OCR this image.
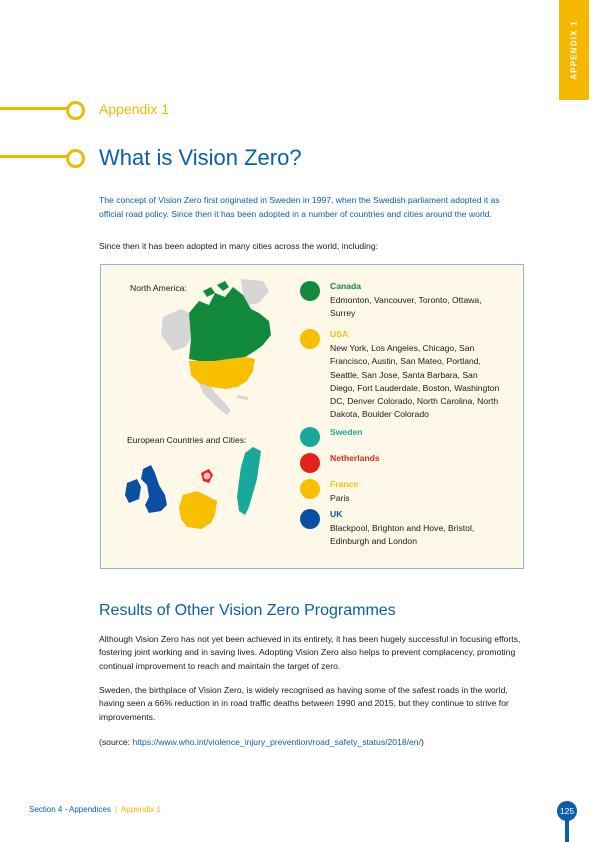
APPENDIX 1
Appendix 1
What is Vision Zero?
The concept of Vision Zero first originated in Sweden in 1997, when the Swedish parliament adopted it as official road policy. Since then it has been adopted in a number of countries and cities around the world.
Since then it has been adopted in many cities across the world, including:
North America:
European Countries and Cities:
Canada
Edmonton, Vancouver, Toronto, Ottawa, Surrey
USA
New York, Los Angeles, Chicago, San Francisco, Austin, San Mateo, Portland, Seattle, San Jose, Santa Barbara, San Diego, Fort Lauderdale, Boston, Washington DC, Denver Colorado, North Carolina, North Dakota, Boulder Colorado
Sweden
Netherlands
France
Paris
UK
Blackpool, Brighton and Hove, Bristol, Edinburgh and London
Results of Other Vision Zero Programmes
Although Vision Zero has not yet been achieved in its entirety, it has been hugely successful in focusing efforts, fostering joint working and in saving lives. Adopting Vision Zero also helps to prevent complacency, promoting continual improvement to reach and maintain the target of zero.
Sweden, the birthplace of Vision Zero, is widely recognised as having some of the safest roads in the world, having seen a 66% reduction in in road traffic deaths between 1990 and 2015, but they continue to strive for improvements.
(source: https://www.who.int/violence_injury_prevention/road_safety_status/2018/en/)
Section 4 - Appendices | Appendix 1	125
